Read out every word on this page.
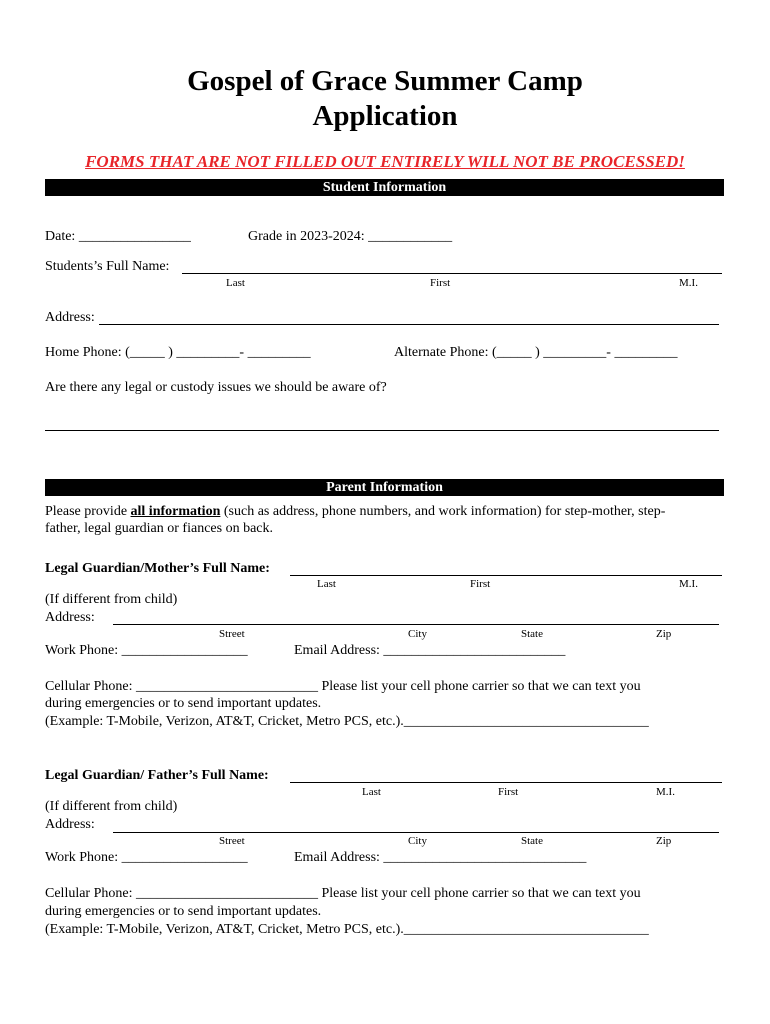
Gospel of Grace Summer Camp
Application
FORMS THAT ARE NOT FILLED OUT ENTIRELY WILL NOT BE PROCESSED!
Student Information
Date: ________________	Grade in 2023-2024: ____________
Students’s Full Name:
Last	First	M.I.
Address:
Home Phone: (_____ ) _________- _________	Alternate Phone: (_____ ) _________- _________
Are there any legal or custody issues we should be aware of?
Parent Information
Please provide all information (such as address, phone numbers, and work information) for step-mother, step-
father, legal guardian or fiances on back.
Legal Guardian/Mother’s Full Name:
Last	First	M.I.
(If different from child)
Address:
Street	City	State	Zip
Work Phone: __________________	Email Address: __________________________
Cellular Phone: __________________________ Please list your cell phone carrier so that we can text you
during emergencies or to send important updates.
(Example: T-Mobile, Verizon, AT&T, Cricket, Metro PCS, etc.).___________________________________
Legal Guardian/ Father’s Full Name:
Last	First	M.I.
(If different from child)
Address:
Street	City	State	Zip
Work Phone: __________________	Email Address: _____________________________
Cellular Phone: __________________________ Please list your cell phone carrier so that we can text you
during emergencies or to send important updates.
(Example: T-Mobile, Verizon, AT&T, Cricket, Metro PCS, etc.).___________________________________
